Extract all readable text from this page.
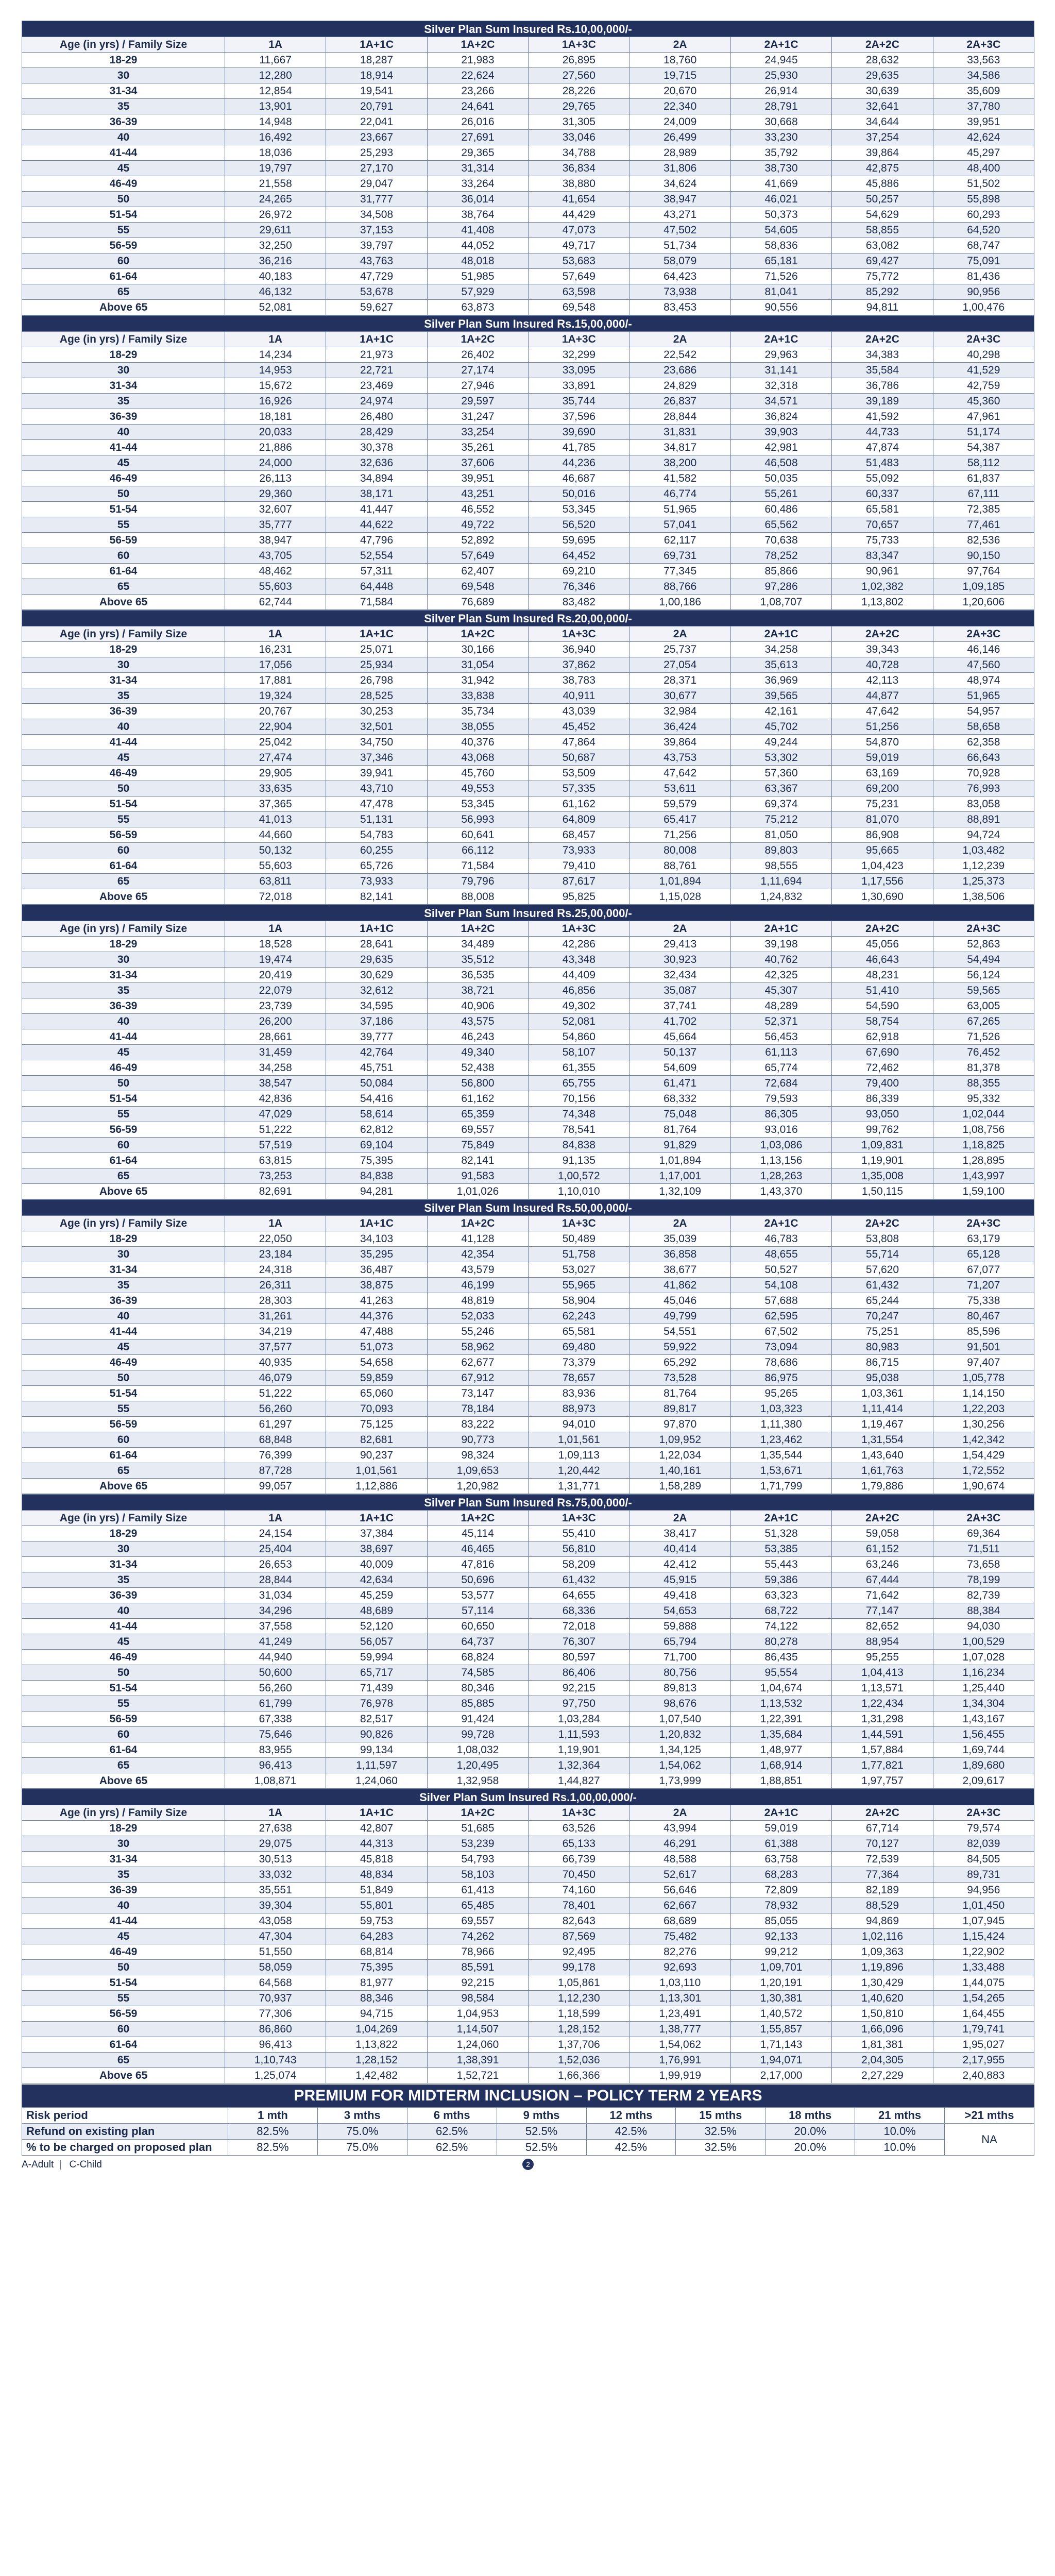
Silver Plan Sum Insured Rs.10,00,000/-								
Age (in yrs) / Family Size	1A	1A+1C	1A+2C	1A+3C	2A	2A+1C	2A+2C	2A+3C
18-29	11,667	18,287	21,983	26,895	18,760	24,945	28,632	33,563
30	12,280	18,914	22,624	27,560	19,715	25,930	29,635	34,586
31-34	12,854	19,541	23,266	28,226	20,670	26,914	30,639	35,609
35	13,901	20,791	24,641	29,765	22,340	28,791	32,641	37,780
36-39	14,948	22,041	26,016	31,305	24,009	30,668	34,644	39,951
40	16,492	23,667	27,691	33,046	26,499	33,230	37,254	42,624
41-44	18,036	25,293	29,365	34,788	28,989	35,792	39,864	45,297
45	19,797	27,170	31,314	36,834	31,806	38,730	42,875	48,400
46-49	21,558	29,047	33,264	38,880	34,624	41,669	45,886	51,502
50	24,265	31,777	36,014	41,654	38,947	46,021	50,257	55,898
51-54	26,972	34,508	38,764	44,429	43,271	50,373	54,629	60,293
55	29,611	37,153	41,408	47,073	47,502	54,605	58,855	64,520
56-59	32,250	39,797	44,052	49,717	51,734	58,836	63,082	68,747
60	36,216	43,763	48,018	53,683	58,079	65,181	69,427	75,091
61-64	40,183	47,729	51,985	57,649	64,423	71,526	75,772	81,436
65	46,132	53,678	57,929	63,598	73,938	81,041	85,292	90,956
Above 65	52,081	59,627	63,873	69,548	83,453	90,556	94,811	1,00,476
Silver Plan Sum Insured Rs.15,00,000/-								
Age (in yrs) / Family Size	1A	1A+1C	1A+2C	1A+3C	2A	2A+1C	2A+2C	2A+3C
18-29	14,234	21,973	26,402	32,299	22,542	29,963	34,383	40,298
30	14,953	22,721	27,174	33,095	23,686	31,141	35,584	41,529
31-34	15,672	23,469	27,946	33,891	24,829	32,318	36,786	42,759
35	16,926	24,974	29,597	35,744	26,837	34,571	39,189	45,360
36-39	18,181	26,480	31,247	37,596	28,844	36,824	41,592	47,961
40	20,033	28,429	33,254	39,690	31,831	39,903	44,733	51,174
41-44	21,886	30,378	35,261	41,785	34,817	42,981	47,874	54,387
45	24,000	32,636	37,606	44,236	38,200	46,508	51,483	58,112
46-49	26,113	34,894	39,951	46,687	41,582	50,035	55,092	61,837
50	29,360	38,171	43,251	50,016	46,774	55,261	60,337	67,111
51-54	32,607	41,447	46,552	53,345	51,965	60,486	65,581	72,385
55	35,777	44,622	49,722	56,520	57,041	65,562	70,657	77,461
56-59	38,947	47,796	52,892	59,695	62,117	70,638	75,733	82,536
60	43,705	52,554	57,649	64,452	69,731	78,252	83,347	90,150
61-64	48,462	57,311	62,407	69,210	77,345	85,866	90,961	97,764
65	55,603	64,448	69,548	76,346	88,766	97,286	1,02,382	1,09,185
Above 65	62,744	71,584	76,689	83,482	1,00,186	1,08,707	1,13,802	1,20,606
Silver Plan Sum Insured Rs.20,00,000/-								
Age (in yrs) / Family Size	1A	1A+1C	1A+2C	1A+3C	2A	2A+1C	2A+2C	2A+3C
18-29	16,231	25,071	30,166	36,940	25,737	34,258	39,343	46,146
30	17,056	25,934	31,054	37,862	27,054	35,613	40,728	47,560
31-34	17,881	26,798	31,942	38,783	28,371	36,969	42,113	48,974
35	19,324	28,525	33,838	40,911	30,677	39,565	44,877	51,965
36-39	20,767	30,253	35,734	43,039	32,984	42,161	47,642	54,957
40	22,904	32,501	38,055	45,452	36,424	45,702	51,256	58,658
41-44	25,042	34,750	40,376	47,864	39,864	49,244	54,870	62,358
45	27,474	37,346	43,068	50,687	43,753	53,302	59,019	66,643
46-49	29,905	39,941	45,760	53,509	47,642	57,360	63,169	70,928
50	33,635	43,710	49,553	57,335	53,611	63,367	69,200	76,993
51-54	37,365	47,478	53,345	61,162	59,579	69,374	75,231	83,058
55	41,013	51,131	56,993	64,809	65,417	75,212	81,070	88,891
56-59	44,660	54,783	60,641	68,457	71,256	81,050	86,908	94,724
60	50,132	60,255	66,112	73,933	80,008	89,803	95,665	1,03,482
61-64	55,603	65,726	71,584	79,410	88,761	98,555	1,04,423	1,12,239
65	63,811	73,933	79,796	87,617	1,01,894	1,11,694	1,17,556	1,25,373
Above 65	72,018	82,141	88,008	95,825	1,15,028	1,24,832	1,30,690	1,38,506
Silver Plan Sum Insured Rs.25,00,000/-								
Age (in yrs) / Family Size	1A	1A+1C	1A+2C	1A+3C	2A	2A+1C	2A+2C	2A+3C
18-29	18,528	28,641	34,489	42,286	29,413	39,198	45,056	52,863
30	19,474	29,635	35,512	43,348	30,923	40,762	46,643	54,494
31-34	20,419	30,629	36,535	44,409	32,434	42,325	48,231	56,124
35	22,079	32,612	38,721	46,856	35,087	45,307	51,410	59,565
36-39	23,739	34,595	40,906	49,302	37,741	48,289	54,590	63,005
40	26,200	37,186	43,575	52,081	41,702	52,371	58,754	67,265
41-44	28,661	39,777	46,243	54,860	45,664	56,453	62,918	71,526
45	31,459	42,764	49,340	58,107	50,137	61,113	67,690	76,452
46-49	34,258	45,751	52,438	61,355	54,609	65,774	72,462	81,378
50	38,547	50,084	56,800	65,755	61,471	72,684	79,400	88,355
51-54	42,836	54,416	61,162	70,156	68,332	79,593	86,339	95,332
55	47,029	58,614	65,359	74,348	75,048	86,305	93,050	1,02,044
56-59	51,222	62,812	69,557	78,541	81,764	93,016	99,762	1,08,756
60	57,519	69,104	75,849	84,838	91,829	1,03,086	1,09,831	1,18,825
61-64	63,815	75,395	82,141	91,135	1,01,894	1,13,156	1,19,901	1,28,895
65	73,253	84,838	91,583	1,00,572	1,17,001	1,28,263	1,35,008	1,43,997
Above 65	82,691	94,281	1,01,026	1,10,010	1,32,109	1,43,370	1,50,115	1,59,100
Silver Plan Sum Insured Rs.50,00,000/-								
Age (in yrs) / Family Size	1A	1A+1C	1A+2C	1A+3C	2A	2A+1C	2A+2C	2A+3C
18-29	22,050	34,103	41,128	50,489	35,039	46,783	53,808	63,179
30	23,184	35,295	42,354	51,758	36,858	48,655	55,714	65,128
31-34	24,318	36,487	43,579	53,027	38,677	50,527	57,620	67,077
35	26,311	38,875	46,199	55,965	41,862	54,108	61,432	71,207
36-39	28,303	41,263	48,819	58,904	45,046	57,688	65,244	75,338
40	31,261	44,376	52,033	62,243	49,799	62,595	70,247	80,467
41-44	34,219	47,488	55,246	65,581	54,551	67,502	75,251	85,596
45	37,577	51,073	58,962	69,480	59,922	73,094	80,983	91,501
46-49	40,935	54,658	62,677	73,379	65,292	78,686	86,715	97,407
50	46,079	59,859	67,912	78,657	73,528	86,975	95,038	1,05,778
51-54	51,222	65,060	73,147	83,936	81,764	95,265	1,03,361	1,14,150
55	56,260	70,093	78,184	88,973	89,817	1,03,323	1,11,414	1,22,203
56-59	61,297	75,125	83,222	94,010	97,870	1,11,380	1,19,467	1,30,256
60	68,848	82,681	90,773	1,01,561	1,09,952	1,23,462	1,31,554	1,42,342
61-64	76,399	90,237	98,324	1,09,113	1,22,034	1,35,544	1,43,640	1,54,429
65	87,728	1,01,561	1,09,653	1,20,442	1,40,161	1,53,671	1,61,763	1,72,552
Above 65	99,057	1,12,886	1,20,982	1,31,771	1,58,289	1,71,799	1,79,886	1,90,674
Silver Plan Sum Insured Rs.75,00,000/-								
Age (in yrs) / Family Size	1A	1A+1C	1A+2C	1A+3C	2A	2A+1C	2A+2C	2A+3C
18-29	24,154	37,384	45,114	55,410	38,417	51,328	59,058	69,364
30	25,404	38,697	46,465	56,810	40,414	53,385	61,152	71,511
31-34	26,653	40,009	47,816	58,209	42,412	55,443	63,246	73,658
35	28,844	42,634	50,696	61,432	45,915	59,386	67,444	78,199
36-39	31,034	45,259	53,577	64,655	49,418	63,323	71,642	82,739
40	34,296	48,689	57,114	68,336	54,653	68,722	77,147	88,384
41-44	37,558	52,120	60,650	72,018	59,888	74,122	82,652	94,030
45	41,249	56,057	64,737	76,307	65,794	80,278	88,954	1,00,529
46-49	44,940	59,994	68,824	80,597	71,700	86,435	95,255	1,07,028
50	50,600	65,717	74,585	86,406	80,756	95,554	1,04,413	1,16,234
51-54	56,260	71,439	80,346	92,215	89,813	1,04,674	1,13,571	1,25,440
55	61,799	76,978	85,885	97,750	98,676	1,13,532	1,22,434	1,34,304
56-59	67,338	82,517	91,424	1,03,284	1,07,540	1,22,391	1,31,298	1,43,167
60	75,646	90,826	99,728	1,11,593	1,20,832	1,35,684	1,44,591	1,56,455
61-64	83,955	99,134	1,08,032	1,19,901	1,34,125	1,48,977	1,57,884	1,69,744
65	96,413	1,11,597	1,20,495	1,32,364	1,54,062	1,68,914	1,77,821	1,89,680
Above 65	1,08,871	1,24,060	1,32,958	1,44,827	1,73,999	1,88,851	1,97,757	2,09,617
Silver Plan Sum Insured Rs.1,00,00,000/-								
Age (in yrs) / Family Size	1A	1A+1C	1A+2C	1A+3C	2A	2A+1C	2A+2C	2A+3C
18-29	27,638	42,807	51,685	63,526	43,994	59,019	67,714	79,574
30	29,075	44,313	53,239	65,133	46,291	61,388	70,127	82,039
31-34	30,513	45,818	54,793	66,739	48,588	63,758	72,539	84,505
35	33,032	48,834	58,103	70,450	52,617	68,283	77,364	89,731
36-39	35,551	51,849	61,413	74,160	56,646	72,809	82,189	94,956
40	39,304	55,801	65,485	78,401	62,667	78,932	88,529	1,01,450
41-44	43,058	59,753	69,557	82,643	68,689	85,055	94,869	1,07,945
45	47,304	64,283	74,262	87,569	75,482	92,133	1,02,116	1,15,424
46-49	51,550	68,814	78,966	92,495	82,276	99,212	1,09,363	1,22,902
50	58,059	75,395	85,591	99,178	92,693	1,09,701	1,19,896	1,33,488
51-54	64,568	81,977	92,215	1,05,861	1,03,110	1,20,191	1,30,429	1,44,075
55	70,937	88,346	98,584	1,12,230	1,13,301	1,30,381	1,40,620	1,54,265
56-59	77,306	94,715	1,04,953	1,18,599	1,23,491	1,40,572	1,50,810	1,64,455
60	86,860	1,04,269	1,14,507	1,28,152	1,38,777	1,55,857	1,66,096	1,79,741
61-64	96,413	1,13,822	1,24,060	1,37,706	1,54,062	1,71,143	1,81,381	1,95,027
65	1,10,743	1,28,152	1,38,391	1,52,036	1,76,991	1,94,071	2,04,305	2,17,955
Above 65	1,25,074	1,42,482	1,52,721	1,66,366	1,99,919	2,17,000	2,27,229	2,40,883
PREMIUM FOR MIDTERM INCLUSION – POLICY TERM 2 YEARS
Risk period	1 mth	3 mths	6 mths	9 mths	12 mths	15 mths	18 mths	21 mths	>21 mths
Refund on existing plan	82.5%	75.0%	62.5%	52.5%	42.5%	32.5%	20.0%	10.0%	NA
% to be charged on proposed plan	82.5%	75.0%	62.5%	52.5%	42.5%	32.5%	20.0%	10.0%	
A-Adult | C-Child	2
